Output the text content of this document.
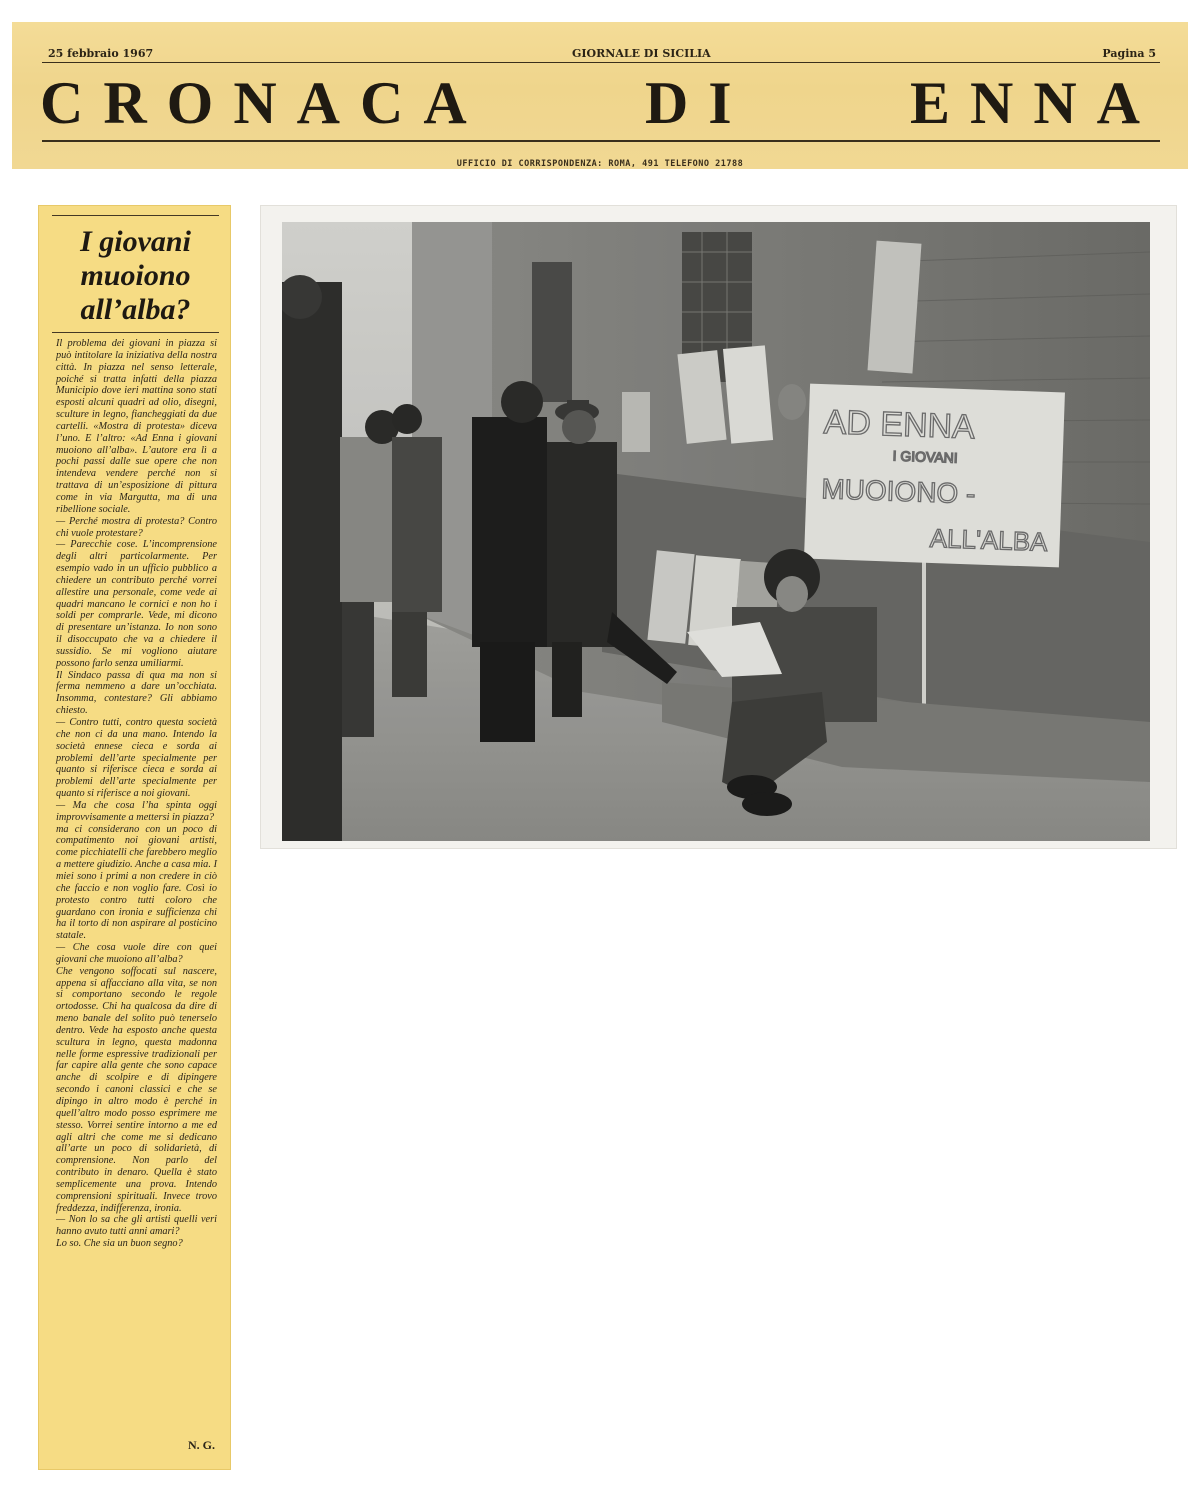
25 febbraio 1967	GIORNALE DI SICILIA	Pagina 5
CRONACA	DI	ENNA
UFFICIO DI CORRISPONDENZA: ROMA, 491 TELEFONO 21788
I giovani muoiono all’alba?
Il problema dei giovani in piazza si può intitolare la iniziativa della nostra città. In piazza nel senso letterale, poiché si tratta infatti della piazza Municipio dove ieri mattina sono stati esposti alcuni quadri ad olio, disegni, sculture in legno, fiancheggiati da due cartelli. «Mostra di protesta» diceva l’uno. E l’altro: «Ad Enna i giovani muoiono all’alba». L’autore era lì a pochi passi dalle sue opere che non intendeva vendere perché non si trattava di un’esposizione di pittura come in via Margutta, ma di una ribellione sociale.
— Perché mostra di protesta? Contro chi vuole protestare?
— Parecchie cose. L’incomprensione degli altri particolarmente. Per esempio vado in un ufficio pubblico a chiedere un contributo perché vorrei allestire una personale, come vede ai quadri mancano le cornici e non ho i soldi per comprarle. Vede, mi dicono di presentare un’istanza. Io non sono il disoccupato che va a chiedere il sussidio. Se mi vogliono aiutare possono farlo senza umiliarmi.
Il Sindaco passa di qua ma non si ferma nemmeno a dare un’occhiata. Insomma, contestare? Gli abbiamo chiesto.
— Contro tutti, contro questa società che non ci da una mano. Intendo la società ennese cieca e sorda ai problemi dell’arte specialmente per quanto si riferisce cieca e sorda ai problemi dell’arte specialmente per quanto si riferisce a noi giovani.
— Ma che cosa l’ha spinta oggi improvvisamente a mettersi in piazza?
ma ci considerano con un poco di compatimento noi giovani artisti, come picchiatelli che farebbero meglio a mettere giudizio. Anche a casa mia. I miei sono i primi a non credere in ciò che faccio e non voglio fare. Così io protesto contro tutti coloro che guardano con ironia e sufficienza chi ha il torto di non aspirare al posticino statale.
— Che cosa vuole dire con quei giovani che muoiono all’alba?
Che vengono soffocati sul nascere, appena si affacciano alla vita, se non si comportano secondo le regole ortodosse. Chi ha qualcosa da dire di meno banale del solito può tenerselo dentro. Vede ha esposto anche questa scultura in legno, questa madonna nelle forme espressive tradizionali per far capire alla gente che sono capace anche di scolpire e di dipingere secondo i canoni classici e che se dipingo in altro modo è perché in quell’altro modo posso esprimere me stesso. Vorrei sentire intorno a me ed agli altri che come me si dedicano all’arte un poco di solidarietà, di comprensione. Non parlo del contributo in denaro. Quella è stato semplicemente una prova. Intendo comprensioni spirituali. Invece trovo freddezza, indifferenza, ironia.
— Non lo sa che gli artisti quelli veri hanno avuto tutti anni amari?
Lo so. Che sia un buon segno?
N. G.
AD ENNA
I GIOVANI
MUOIONO -
ALL'ALBA
